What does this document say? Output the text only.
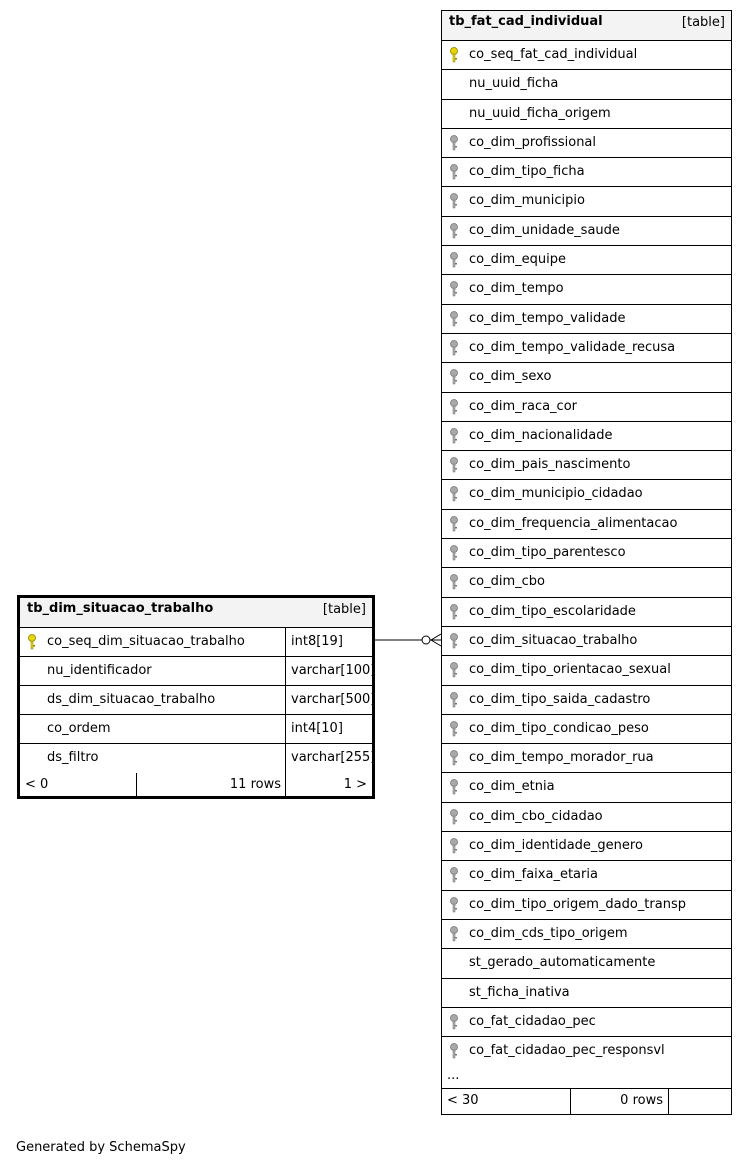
tb_dim_situacao_trabalho	[table]
co_seq_dim_situacao_trabalho	int8[19]
nu_identificador	varchar[100]
ds_dim_situacao_trabalho	varchar[500]
co_ordem	int4[10]
ds_filtro	varchar[255]
< 0	11 rows	1 >
tb_fat_cad_individual	[table]
co_seq_fat_cad_individual
nu_uuid_ficha
nu_uuid_ficha_origem
co_dim_profissional
co_dim_tipo_ficha
co_dim_municipio
co_dim_unidade_saude
co_dim_equipe
co_dim_tempo
co_dim_tempo_validade
co_dim_tempo_validade_recusa
co_dim_sexo
co_dim_raca_cor
co_dim_nacionalidade
co_dim_pais_nascimento
co_dim_municipio_cidadao
co_dim_frequencia_alimentacao
co_dim_tipo_parentesco
co_dim_cbo
co_dim_tipo_escolaridade
co_dim_situacao_trabalho
co_dim_tipo_orientacao_sexual
co_dim_tipo_saida_cadastro
co_dim_tipo_condicao_peso
co_dim_tempo_morador_rua
co_dim_etnia
co_dim_cbo_cidadao
co_dim_identidade_genero
co_dim_faixa_etaria
co_dim_tipo_origem_dado_transp
co_dim_cds_tipo_origem
st_gerado_automaticamente
st_ficha_inativa
co_fat_cidadao_pec
co_fat_cidadao_pec_responsvl
...
< 30	0 rows
Generated by SchemaSpy
